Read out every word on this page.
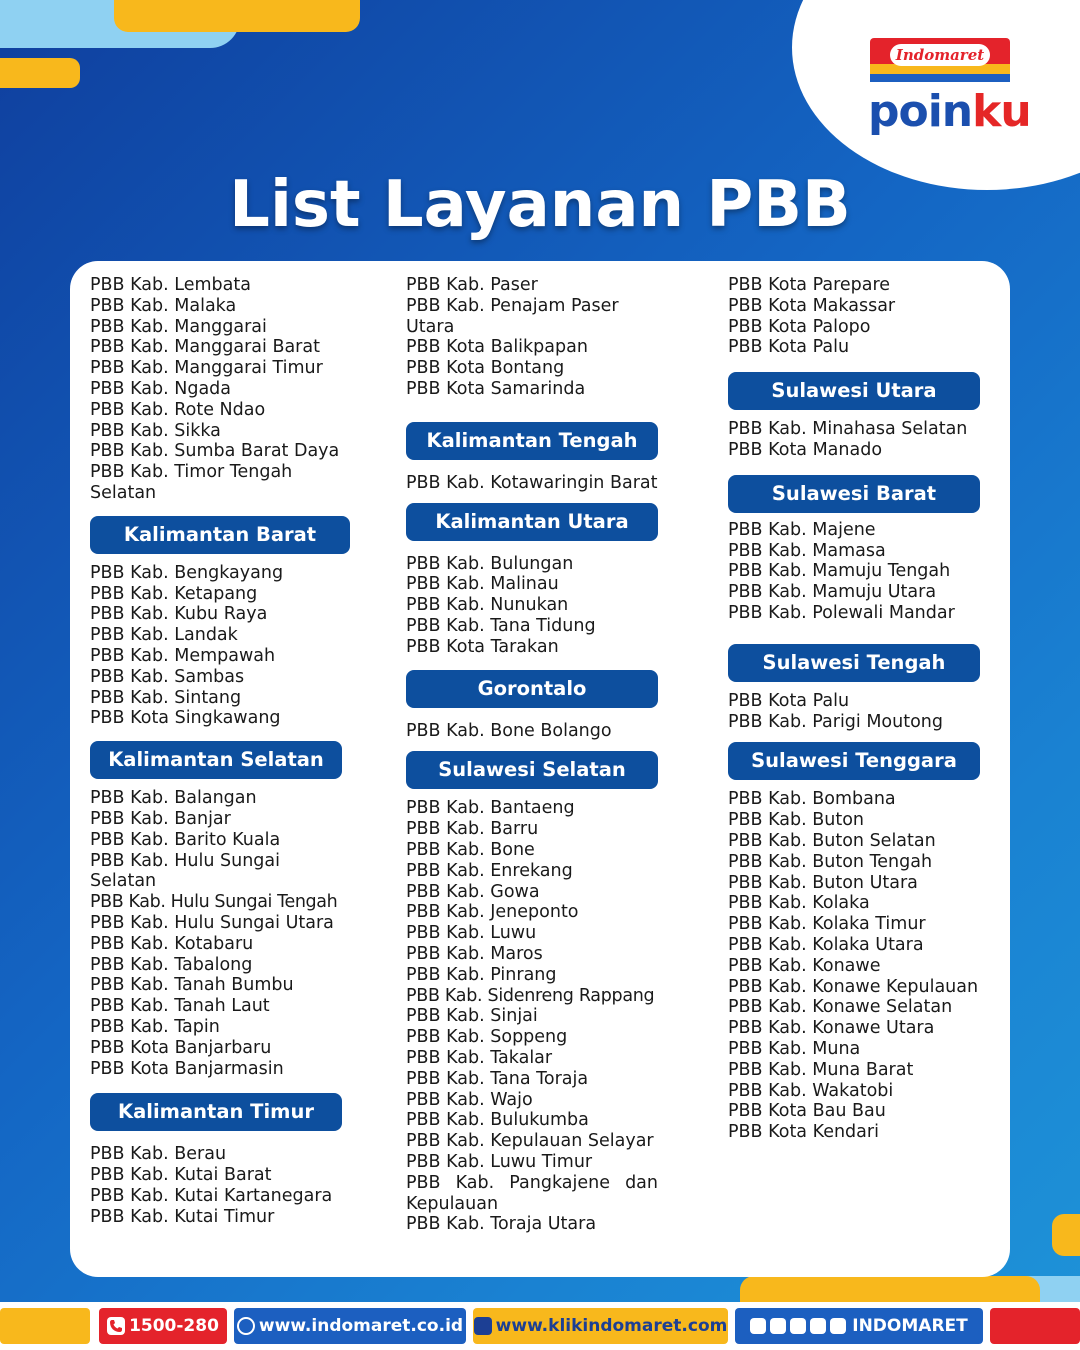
Indomaret
poinku
List Layanan PBB
PBB Kab. Lembata
PBB Kab. Malaka
PBB Kab. Manggarai
PBB Kab. Manggarai Barat
PBB Kab. Manggarai Timur
PBB Kab. Ngada
PBB Kab. Rote Ndao
PBB Kab. Sikka
PBB Kab. Sumba Barat Daya
PBB Kab. Timor Tengah Selatan
Kalimantan Barat
PBB Kab. Bengkayang
PBB Kab. Ketapang
PBB Kab. Kubu Raya
PBB Kab. Landak
PBB Kab. Mempawah
PBB Kab. Sambas
PBB Kab. Sintang
PBB Kota Singkawang
Kalimantan Selatan
PBB Kab. Balangan
PBB Kab. Banjar
PBB Kab. Barito Kuala
PBB Kab. Hulu Sungai Selatan
PBB Kab. Hulu Sungai Tengah
PBB Kab. Hulu Sungai Utara
PBB Kab. Kotabaru
PBB Kab. Tabalong
PBB Kab. Tanah Bumbu
PBB Kab. Tanah Laut
PBB Kab. Tapin
PBB Kota Banjarbaru
PBB Kota Banjarmasin
Kalimantan Timur
PBB Kab. Berau
PBB Kab. Kutai Barat
PBB Kab. Kutai Kartanegara
PBB Kab. Kutai Timur
PBB Kab. Paser
PBB Kab. Penajam Paser Utara
PBB Kota Balikpapan
PBB Kota Bontang
PBB Kota Samarinda
Kalimantan Tengah
PBB Kab. Kotawaringin Barat
Kalimantan Utara
PBB Kab. Bulungan
PBB Kab. Malinau
PBB Kab. Nunukan
PBB Kab. Tana Tidung
PBB Kota Tarakan
Gorontalo
PBB Kab. Bone Bolango
Sulawesi Selatan
PBB Kab. Bantaeng
PBB Kab. Barru
PBB Kab. Bone
PBB Kab. Enrekang
PBB Kab. Gowa
PBB Kab. Jeneponto
PBB Kab. Luwu
PBB Kab. Maros
PBB Kab. Pinrang
PBB Kab. Sidenreng Rappang
PBB Kab. Sinjai
PBB Kab. Soppeng
PBB Kab. Takalar
PBB Kab. Tana Toraja
PBB Kab. Wajo
PBB Kab. Bulukumba
PBB Kab. Kepulauan Selayar
PBB Kab. Luwu Timur
PBB Kab. Pangkajene dan Kepulauan
PBB Kab. Toraja Utara
PBB Kota Parepare
PBB Kota Makassar
PBB Kota Palopo
PBB Kota Palu
Sulawesi Utara
PBB Kab. Minahasa Selatan
PBB Kota Manado
Sulawesi Barat
PBB Kab. Majene
PBB Kab. Mamasa
PBB Kab. Mamuju Tengah
PBB Kab. Mamuju Utara
PBB Kab. Polewali Mandar
Sulawesi Tengah
PBB Kota Palu
PBB Kab. Parigi Moutong
Sulawesi Tenggara
PBB Kab. Bombana
PBB Kab. Buton
PBB Kab. Buton Selatan
PBB Kab. Buton Tengah
PBB Kab. Buton Utara
PBB Kab. Kolaka
PBB Kab. Kolaka Timur
PBB Kab. Kolaka Utara
PBB Kab. Konawe
PBB Kab. Konawe Kepulauan
PBB Kab. Konawe Selatan
PBB Kab. Konawe Utara
PBB Kab. Muna
PBB Kab. Muna Barat
PBB Kab. Wakatobi
PBB Kota Bau Bau
PBB Kota Kendari
1500-280 www.indomaret.co.id www.klikindomaret.com	INDOMARET
